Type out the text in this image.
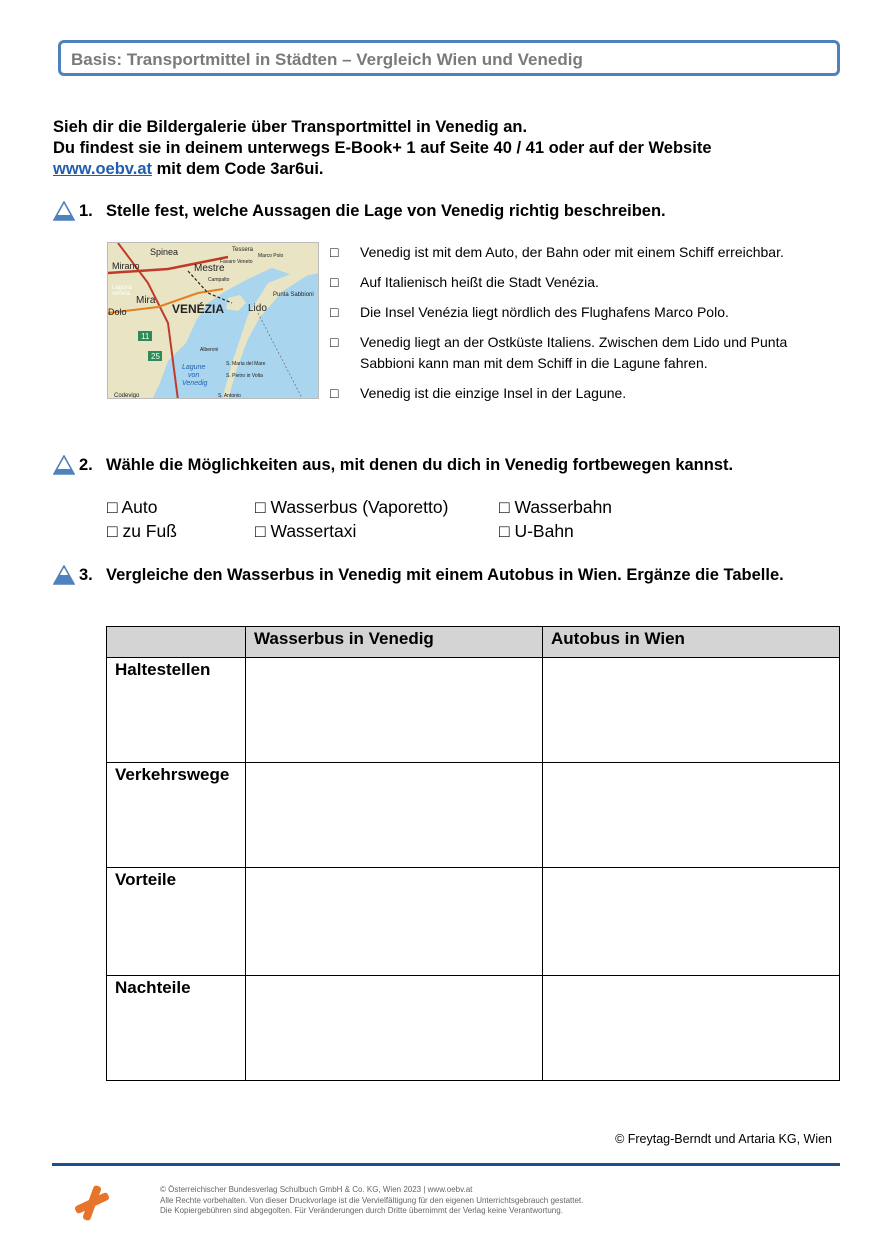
Basis: Transportmittel in Städten – Vergleich Wien und Venedig
Sieh dir die Bildergalerie über Transportmittel in Venedig an.
Du findest sie in deinem unterwegs E-Book+ 1 auf Seite 40 / 41 oder auf der Website
www.oebv.at mit dem Code 3ar6ui.
1. Stelle fest, welche Aussagen die Lage von Venedig richtig beschreiben.
Spinea
Mirano	Mestre
Mira
VENÉZIA Lido
Punta Sabbioni
Dolo
Laguna
veneta
Lagune
von
Venedig
S. Maria del Mare
S. Pietro in Volta
Codevigo	S. Antonio
Alberoni
Tessera
Marco Polo
Favaro Veneto
Campalto
11
25
□ Venedig ist mit dem Auto, der Bahn oder mit einem Schiff erreichbar.
□ Auf Italienisch heißt die Stadt Venézia.
□ Die Insel Venézia liegt nördlich des Flughafens Marco Polo.
□ Venedig liegt an der Ostküste Italiens. Zwischen dem Lido und Punta Sabbioni kann man mit dem Schiff in die Lagune fahren.
□ Venedig ist die einzige Insel in der Lagune.
2. Wähle die Möglichkeiten aus, mit denen du dich in Venedig fortbewegen kannst.
□ Auto	□ Wasserbus (Vaporetto)	□ Wasserbahn
□ zu Fuß	□ Wassertaxi	□ U-Bahn
3. Vergleiche den Wasserbus in Venedig mit einem Autobus in Wien. Ergänze die Tabelle.
	Wasserbus in Venedig	Autobus in Wien
Haltestellen		
Verkehrswege		
Vorteile		
Nachteile		
© Freytag-Berndt und Artaria KG, Wien
© Österreichischer Bundesverlag Schulbuch GmbH & Co. KG, Wien 2023 | www.oebv.at
Alle Rechte vorbehalten. Von dieser Druckvorlage ist die Vervielfältigung für den eigenen Unterrichtsgebrauch gestattet.
Die Kopiergebühren sind abgegolten. Für Veränderungen durch Dritte übernimmt der Verlag keine Verantwortung.
